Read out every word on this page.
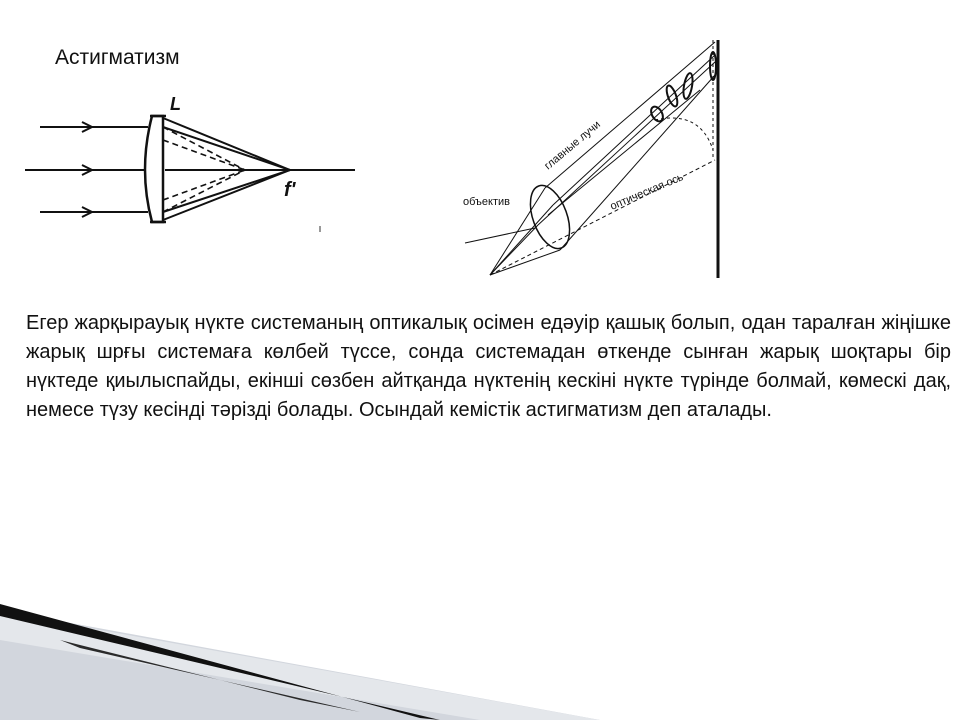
Астигматизм
L
f'
объектив
главные лучи
оптическая ось

Егер жарқырауық нүкте системаның оптикалық осімен едәуір қашық болып, одан таралған жіңішке жарық шрғы системаға көлбей түссе, сонда системадан өткенде сынған жарық шоқтары бір нүктеде қиылыспайды, екінші сөзбен айтқанда нүктенің кескіні нүкте түрінде болмай, көмескі дақ, немесе түзу кесінді тәрізді болады. Осындай кемістік астигматизм деп аталады.
